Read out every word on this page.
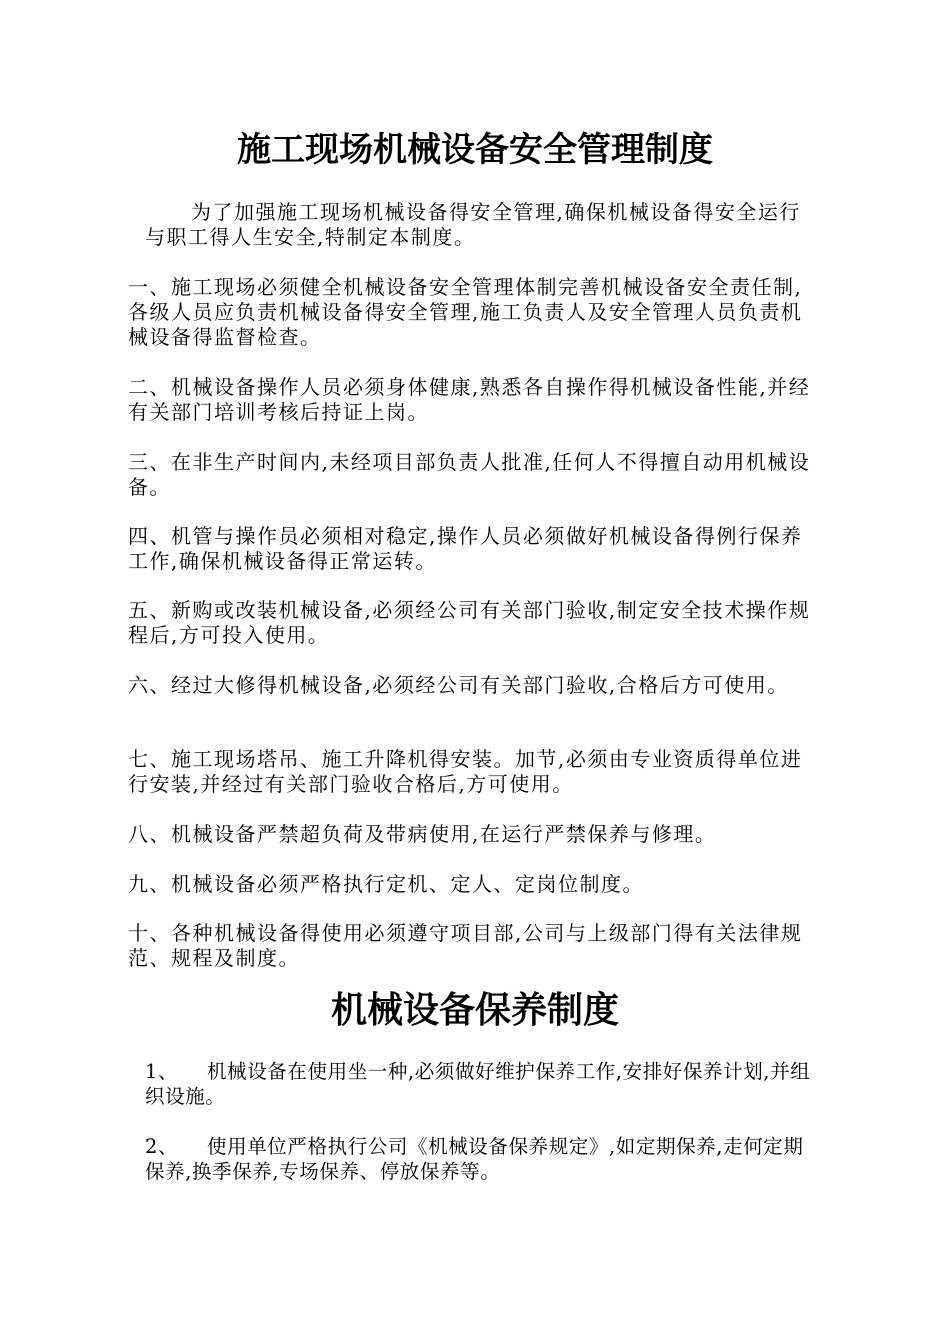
施工现场机械设备安全管理制度
为了加强施工现场机械设备得安全管理,确保机械设备得安全运行与职工得人生安全,特制定本制度。
一、施工现场必须健全机械设备安全管理体制完善机械设备安全责任制,各级人员应负责机械设备得安全管理,施工负责人及安全管理人员负责机械设备得监督检查。
二、机械设备操作人员必须身体健康,熟悉各自操作得机械设备性能,并经有关部门培训考核后持证上岗。
三、在非生产时间内,未经项目部负责人批准,任何人不得擅自动用机械设备。
四、机管与操作员必须相对稳定,操作人员必须做好机械设备得例行保养工作,确保机械设备得正常运转。
五、新购或改装机械设备,必须经公司有关部门验收,制定安全技术操作规程后,方可投入使用。
六、经过大修得机械设备,必须经公司有关部门验收,合格后方可使用。
七、施工现场塔吊、施工升降机得安装。加节,必须由专业资质得单位进行安装,并经过有关部门验收合格后,方可使用。
八、机械设备严禁超负荷及带病使用,在运行严禁保养与修理。
九、机械设备必须严格执行定机、定人、定岗位制度。
十、各种机械设备得使用必须遵守项目部,公司与上级部门得有关法律规范、规程及制度。
机械设备保养制度
1、 机械设备在使用坐一种,必须做好维护保养工作,安排好保养计划,并组织设施。
2、 使用单位严格执行公司《机械设备保养规定》,如定期保养,走何定期保养,换季保养,专场保养、停放保养等。
